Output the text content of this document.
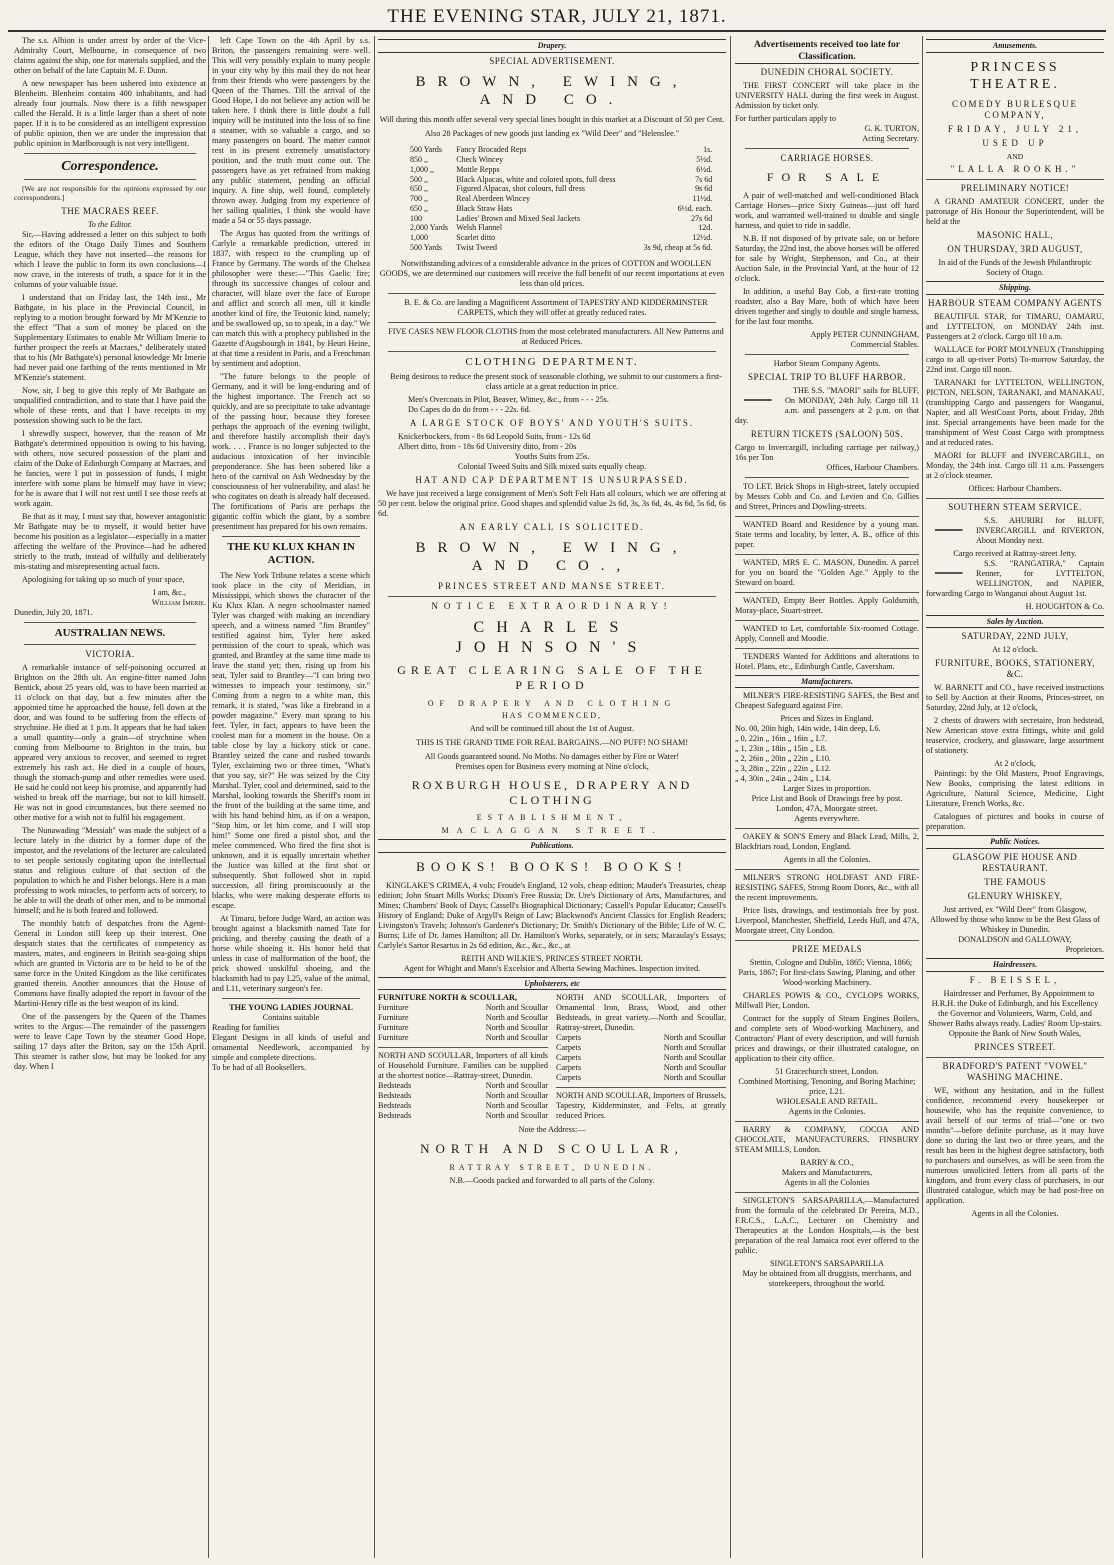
THE EVENING STAR, JULY 21, 1871.

The s.s. Albion is under arrest by order of the Vice-Admiralty Court, Melbourne, in consequence of two claims against the ship, one for materials supplied, and the other on behalf of the late Captain M. F. Dunn.

A new newspaper has been ushered into existence at Blenheim. Blenheim contains 400 inhabitants, and had already four journals. Now there is a fifth newspaper called the Herald. It is a little larger than a sheet of note paper. If it is to be considered as an intelligent expression of public opinion, then we are under the impression that public opinion in Marlborough is not very intelligent.

Correspondence.

[We are not responsible for the opinions expressed by our correspondents.]

THE MACRAES REEF.
To the Editor.

Sir,—Having addressed a letter on this subject to both the editors of the Otago Daily Times and Southern League, which they have not inserted—the reasons for which I leave the public to form its own conclusions—I now crave, in the interests of truth, a space for it in the columns of your valuable issue.

I understand that on Friday last, the 14th inst., Mr Bathgate, in his place in the Provincial Council, in replying to a motion brought forward by Mr M'Kenzie to the effect "That a sum of money be placed on the Supplementary Estimates to enable Mr William Imerie to further prospect the reefs at Macraes," deliberately stated that to his (Mr Bathgate's) personal knowledge Mr Imerie had never paid one farthing of the rents mentioned in Mr M'Kenzie's statement.

Now, sir, I beg to give this reply of Mr Bathgate an unqualified contradiction, and to state that I have paid the whole of these rents, and that I have receipts in my possession showing such to be the fact.

I shrewdly suspect, however, that the reason of Mr Bathgate's determined opposition is owing to his having, with others, now secured possession of the plant and claim of the Duke of Edinburgh Company at Macraes, and he fancies, were I put in possession of funds, I might interfere with some plans he himself may have in view; for he is aware that I will not rest until I see those reefs at work again.

Be that as it may, I must say that, however antagonistic Mr Bathgate may be to myself, it would better have become his position as a legislator—especially in a matter affecting the welfare of the Province—had he adhered strictly to the truth, instead of wilfully and deliberately mis-stating and misrepresenting actual facts.

Apologising for taking up so much of your space,

I am, &c.,
William Imerie.
Dunedin, July 20, 1871.
AUSTRALIAN NEWS.
VICTORIA.

A remarkable instance of self-poisoning occurred at Brighton on the 28th ult. An engine-fitter named John Bentick, about 25 years old, was to have been married at 11 o'clock on that day, but a few minutes after the appointed time he approached the house, fell down at the door, and was found to be suffering from the effects of strychnine. He died at 1 p.m. It appears that he had taken a small quantity—only a grain—of strychnine when coming from Melbourne to Brighton in the train, but appeared very anxious to recover, and seemed to regret extremely his rash act. He died in a couple of hours, though the stomach-pump and other remedies were used. He said he could not keep his promise, and apparently had wished to break off the marriage, but not to kill himself. He was not in good circumstances, but there seemed no other motive for a wish not to fulfil his engagement.

The Nunawading "Messiah" was made the subject of a lecture lately in the district by a former dupe of the impostor, and the revelations of the lecturer are calculated to set people seriously cogitating upon the intellectual status and religious culture of that section of the population to which he and Fisher belongs. Here is a man professing to work miracles, to perform acts of sorcery, to be able to will the death of other men, and to be immortal himself; and he is both feared and followed.

The monthly batch of despatches from the Agent-General in London still keep up their interest. One despatch states that the certificates of competency as masters, mates, and engineers in British sea-going ships which are granted in Victoria are to be held to be of the same force in the United Kingdom as the like certificates granted therein. Another announces that the House of Commons have finally adopted the report in favour of the Martini-Henry rifle as the best weapon of its kind.

One of the passengers by the Queen of the Thames writes to the Argus:—The remainder of the passengers were to leave Cape Town by the steamer Good Hope, sailing 17 days after the Briton, say on the 15th April. This steamer is rather slow, but may be looked for any day. When I

left Cape Town on the 4th April by s.s. Briton, the passengers remaining were well. This will very possibly explain to many people in your city why by this mail they do not hear from their friends who were passengers by the Queen of the Thames. Till the arrival of the Good Hope, I do not believe any action will be taken here. I think there is little doubt a full inquiry will be instituted into the loss of so fine a steamer, with so valuable a cargo, and so many passengers on board. The matter cannot rest in its present extremely unsatisfactory position, and the truth must come out. The passengers have as yet refrained from making any public statement, pending an official inquiry. A fine ship, well found, completely thrown away. Judging from my experience of her sailing qualities, I think she would have made a 54 or 55 days passage.

The Argus has quoted from the writings of Carlyle a remarkable prediction, uttered in 1837, with respect to the crumpling up of France by Germany. The words of the Chelsea philosopher were these:—"This Gaelic fire; through its successive changes of colour and character, will blaze over the face of Europe and afflict and scorch all men, till it kindle another kind of fire, the Teutonic kind, namely; and be swallowed up, so to speak, in a day." We can match this with a prophecy published in the Gazette d'Augsbourgh in 1841, by Heuri Heine, at that time a resident in Paris, and a Frenchman by sentiment and adoption.

"The future belongs to the people of Germany, and it will be long-enduring and of the highest importance. The French act so quickly, and are so precipitate to take advantage of the passing hour, because they foresee perhaps the approach of the evening twilight, and therefore hastily accomplish their day's work. . . . France is no longer subjected to the audacious intoxication of her invincible preponderance. She has been sobered like a hero of the carnival on Ash Wednesday by the consciousness of her vulnerability, and alas! he who cogitates on death is already half deceased. The fortifications of Paris are perhaps the gigantic coffin which the giant, by a sombre presentiment has prepared for his own remains.

THE KU KLUX KHAN IN ACTION.

The New York Tribune relates a scene which took place in the city of Meridian, in Mississippi, which shows the character of the Ku Klux Klan. A negro schoolmaster named Tyler was charged with making an incendiary speech, and a witness named "Jim Brantley" testified against him, Tyler here asked permission of the court to speak, which was granted, and Brantley at the same time made to leave the stand yet; then, rising up from his seat, Tyler said to Brantley—"I can bring two witnesses to impeach your testimony, sir." Coming from a negro to a white man, this remark, it is stated, "was like a firebrand in a powder magazine." Every man sprang to his feet. Tyler, in fact, appears to have been the coolest man for a moment in the house. On a table close by lay a hickory stick or cane. Brantley seized the cane and rushed towards Tyler, exclaiming two or three times, "What's that you say, sir?" He was seized by the City Marshal. Tyler, cool and determined, said to the Marshal, looking towards the Sheriff's room in the front of the building at the same time, and with his hand behind him, as if on a weapon, "Stop him, or let him come, and I will stop him!" Some one fired a pistol shot, and the melee commenced. Who fired the first shot is unknown, and it is equally uncertain whether the Justice was killed at the first shot or subsequently. Shot followed shot in rapid succession, all firing promiscuously at the blacks, who were making desperate efforts to escape.

At Timaru, before Judge Ward, an action was brought against a blacksmith named Tate for pricking, and thereby causing the death of a horse while shoeing it. His honor held that unless in case of malformation of the hoof, the prick showed unskilful shoeing, and the blacksmith had to pay L25, value of the animal, and L11, veterinary surgeon's fee.

THE YOUNG LADIES JOURNAL
Contains suitable
Reading for families
Elegant Designs in all kinds of useful and ornamental Needlework, accompanied by simple and complete directions.
To be had of all Booksellers.
Drapery.
SPECIAL ADVERTISEMENT.
BROWN, EWING, AND CO.
Will during this month offer several very special lines bought in this market at a Discount of 50 per Cent.
Also 28 Packages of new goods just landing ex "Wild Deer" and "Helenslee."
500 Yards	Fancy Brocaded Reps	1s.
850 ,,	Check Wincey	5½d.
1,000 ,,	Mottle Repps	6½d.
500 ,,	Black Alpacas, white and colored spots, full dress	7s 6d
650 ,,	Figured Alpacas, shot colours, full dress	9s 6d
700 ,,	Real Aberdeen Wincey	11½d.
650 ,,	Black Straw Hats	6½d. each.
100	Ladies' Brown and Mixed Seal Jackets	27s 6d
2,000 Yards	Welsh Flannel	12d.
1,000	Scarlet ditto	12½d.
500 Yards	Twist Tweed	3s 9d, cheap at 5s 6d.

Notwithstanding advices of a considerable advance in the prices of COTTON and WOOLLEN GOODS, we are determined our customers will receive the full benefit of our recent importations at even less than old prices.

B. E. & Co. are landing a Magnificent Assortment of TAPESTRY AND KIDDERMINSTER CARPETS, which they will offer at greatly reduced rates.

FIVE CASES NEW FLOOR CLOTHS from the most celebrated manufacturers. All New Patterns and at Reduced Prices.

CLOTHING DEPARTMENT.

Being desirous to reduce the present stock of seasonable clothing, we submit to our customers a first-class article at a great reduction in price.

Men's Overcoats in Pilot, Beaver, Witney, &c., from - - - 25s.
Do Capes do do do from - - - 22s. 6d.
A LARGE STOCK OF BOYS' AND YOUTH'S SUITS.
Knickerbockers, from - 8s 6d Leopold Suits, from - 12s 6d
Albert ditto, from - 18s 6d University ditto, from - 20s
Youths Suits from 25s.
Colonial Tweed Suits and Silk mixed suits equally cheap.
HAT AND CAP DEPARTMENT IS UNSURPASSED.

We have just received a large consignment of Men's Soft Felt Hats all colours, which we are offering at 50 per cent. below the original price. Good shapes and splendid value 2s 6d, 3s, 3s 6d, 4s, 4s 6d, 5s 6d, 6s 6d.

AN EARLY CALL IS SOLICITED.
BROWN, EWING, AND CO.,
PRINCES STREET AND MANSE STREET.
NOTICE EXTRAORDINARY!
CHARLES JOHNSON'S
GREAT CLEARING SALE OF THE PERIOD
OF DRAPERY AND CLOTHING
HAS COMMENCED,
And will be continued till about the 1st of August.
THIS IS THE GRAND TIME FOR REAL BARGAINS.—NO PUFF! NO SHAM!
All Goods guaranteed sound. No Moths. No damages either by Fire or Water!
Premises open for Business every morning at Nine o'clock,
ROXBURGH HOUSE, DRAPERY AND CLOTHING
ESTABLISHMENT,
MACLAGGAN STREET.
Publications.
BOOKS! BOOKS! BOOKS!

KINGLAKE'S CRIMEA, 4 vols; Froude's England, 12 vols, cheap edition; Mauder's Treasuries, cheap edition; John Stuart Mills Works; Dixon's Free Russia; Dr. Ure's Dictionary of Arts, Manufactures, and Mines; Chambers' Book of Days; Cassell's Biographical Dictionary; Cassell's Popular Educator; Cassell's History of England; Duke of Argyll's Reign of Law; Blackwood's Ancient Classics for English Readers; Livingston's Travels; Johnson's Gardener's Dictionary; Dr. Smith's Dictionary of the Bible; Life of W. C. Burns; Life of Dr. James Hamilton; all Dr. Hamilton's Works, separately, or in sets; Macaulay's Essays; Carlyle's Sartor Resartus in 2s 6d edition, &c., &c., &c., at

REITH AND WILKIE'S, PRINCES STREET NORTH.
Agent for Whight and Mann's Excelsior and Alberta Sewing Machines. Inspection invited.
Upholsterers, etc
FURNITURE NORTH & SCOULLAR,
Furniture	North and Scoullar
Furniture	North and Scoullar
Furniture	North and Scoullar
Furniture	North and Scoullar
NORTH AND SCOULLAR, Importers of all kinds of Household Furniture. Families can be supplied at the shortest notice—Rattray-street, Dunedin.
Bedsteads	North and Scoullar
Bedsteads	North and Scoullar
Bedsteads	North and Scoullar
Bedsteads	North and Scoullar
NORTH AND SCOULLAR, Importers of Ornamental Iron, Brass, Wood, and other Bedsteads, in great variety.—North and Scoullar, Rattray-street, Dunedin.
Carpets	North and Scoullar
Carpets	North and Scoullar
Carpets	North and Scoullar
Carpets	North and Scoullar
Carpets	North and Scoullar
NORTH AND SCOULLAR, Importers of Brussels, Tapestry, Kidderminster, and Felts, at greatly reduced Prices.
Note the Address:—
NORTH AND SCOULLAR,
RATTRAY STREET, DUNEDIN.
N.B.—Goods packed and forwarded to all parts of the Colony.
Advertisements received too late for Classification.
DUNEDIN CHORAL SOCIETY.

THE FIRST CONCERT will take place in the UNIVERSITY HALL during the first week in August. Admission by ticket only.

For further particulars apply to
G. K. TURTON,
Acting Secretary.
CARRIAGE HORSES.
FOR SALE

A pair of well-matched and well-conditioned Black Carriage Horses—price Sixty Guineas—just off hard work, and warranted well-trained to double and single harness, and quiet to ride in saddle.

N.B. If not disposed of by private sale, on or before Saturday, the 22nd inst, the above horses will be offered for sale by Wright, Stephenson, and Co., at their Auction Sale, in the Provincial Yard, at the hour of 12 o'clock.

In addition, a useful Bay Cob, a first-rate trotting roadster, also a Bay Mare, both of which have been driven together and singly to double and single harness, for the last four months.

Apply PETER CUNNINGHAM,
Commercial Stables.
Harbor Steam Company Agents.
SPECIAL TRIP TO BLUFF HARBOR.

THE S.S. "MAORI" sails for BLUFF, On MONDAY, 24th July. Cargo till 11 a.m. and passengers at 2 p.m. on that day.

RETURN TICKETS (SALOON) 50S.
Cargo to Invercargill, including carriage per railway,) 16s per Ton
Offices, Harbour Chambers.

TO LET. Brick Shops in High-street, lately occupied by Messrs Cobb and Co. and Levien and Co. Gillies and Street, Princes and Dowling-streets.

WANTED Board and Residence by a young man. State terms and locality, by letter, A. B., office of this paper.

WANTED, MRS E. C. MASON, Dunedin. A parcel for you on board the "Golden Age." Apply to the Steward on board.

WANTED, Empty Beer Bottles. Apply Goldsmith, Moray-place, Stuart-street.

WANTED to Let, comfortable Six-roomed Cottage. Apply, Connell and Moodie.

TENDERS Wanted for Additions and alterations to Hotel. Plans, etc., Edinburgh Castle, Caversham.

Manufacturers.

MILNER'S FIRE-RESISTING SAFES, the Best and Cheapest Safeguard against Fire.

Prices and Sizes in England.
No. 00, 20in high, 14in wide, 14in deep, L6.
„ 0, 22in „ 16in „ 16in „ L7.
„ 1, 23in „ 18in „ 15in „ L8.
„ 2, 26in „ 20in „ 22in „ L10.
„ 3, 28in „ 22in „ 22in „ L12.
„ 4, 30in „ 24in „ 24in „ L14.
Larger Sizes in proportion.
Price List and Book of Drawings free by post.
London, 47A, Moorgate street.
Agents everywhere.

OAKEY & SON'S Emery and Black Lead, Mills, 2, Blackfriars road, London, England.

Agents in all the Colonies.

MILNER'S STRONG HOLDFAST AND FIRE-RESISTING SAFES, Strong Room Doors, &c., with all the recent improvements.

Price lists, drawings, and testimonials free by post. Liverpool, Manchester, Sheffield, Leeds Hull, and 47A, Moorgate street, City London.

PRIZE MEDALS

Stettin, Cologne and Dublin, 1865; Vienna, 1866; Paris, 1867; For first-class Sawing, Planing, and other Wood-working Machinery.

CHARLES POWIS & CO., CYCLOPS WORKS, Millwall Pier, London.

Contract for the supply of Steam Engines Boilers, and complete sets of Wood-working Machinery, and Contractors' Plant of every description, and will furnish prices and drawings, or their illustrated catalogue, on application to their city office.

51 Gracechurch street, London.
Combined Mortising, Tenoning, and Boring Machine; price, L21.
WHOLESALE AND RETAIL.
Agents in the Colonies.

BARRY & COMPANY, COCOA AND CHOCOLATE, MANUFACTURERS, FINSBURY STEAM MILLS, London.

BARRY & CO.,
Makers and Manufacturers,
Agents in all the Colonies

SINGLETON'S SARSAPARILLA,—Manufactured from the formula of the celebrated Dr Pereira, M.D., F.R.C.S., L.A.C., Lecturer on Chemistry and Therapeutics at the London Hospitals,—is the best preparation of the real Jamaica root ever offered to the public.

SINGLETON'S SARSAPARILLA
May be obtained from all druggists, merchants, and storekeepers, throughout the world.
Amusements.
PRINCESS THEATRE.
COMEDY BURLESQUE COMPANY,
FRIDAY, JULY 21,
USED UP
AND
"LALLA ROOKH."
PRELIMINARY NOTICE!

A GRAND AMATEUR CONCERT, under the patronage of His Honour the Superintendent, will be held at the

MASONIC HALL,
ON THURSDAY, 3RD AUGUST,
In aid of the Funds of the Jewish Philanthropic Society of Otago.
Shipping.
HARBOUR STEAM COMPANY AGENTS

BEAUTIFUL STAR, for TIMARU, OAMARU, and LYTTELTON, on MONDAY 24th inst. Passengers at 2 o'clock. Cargo till 10 a.m.

WALLACE for PORT MOLYNEUX (Transhipping cargo to all up-river Ports) To-morrow Saturday, the 22nd inst. Cargo till noon.

TARANAKI for LYTTELTON, WELLINGTON, PICTON, NELSON, TARANAKI, and MANAKAU, (transhipping Cargo and passengers for Wanganui, Napier, and all WestCoast Ports, about Friday, 28th inst. Special arrangements have been made for the transhipment of West Coast Cargo with promptness and at reduced rates.

MAORI for BLUFF and INVERCARGILL, on Monday, the 24th inst. Cargo till 11 a.m. Passengers at 2 o'clock steamer.

Offices: Harbour Chambers.
SOUTHERN STEAM SERVICE.

S.S. AHURIRI for BLUFF, INVERCARGILL and RIVERTON, About Monday next.

Cargo received at Rattray-street Jetty.

S.S. "RANGATIRA," Captain Renner, for LYTTELTON, WELLINGTON, and NAPIER, forwarding Cargo to Wanganui about August 1st.

H. HOUGHTON & Co.
Sales by Auction.
SATURDAY, 22ND JULY,
At 12 o'clock.
FURNITURE, BOOKS, STATIONERY, &C.

W. BARNETT and CO., have received instructions to Sell by Auction at their Rooms, Princes-street, on Saturday, 22nd July, at 12 o'clock,

2 chests of drawers with secretaire, Iron bedstead, New American stove extra fittings, white and gold teaservice, crockery, and glassware, large assortment of stationery.

At 2 o'clock,

Paintings: by the Old Masters, Proof Engravings, New Books, comprising the latest editions in Agriculture, Natural Science, Medicine, Light Literature, French Works, &c.

Catalogues of pictures and books in course of preparation.

Public Notices.
GLASGOW PIE HOUSE AND RESTAURANT.
THE FAMOUS
GLENURY WHISKEY,
Just arrived, ex "Wild Deer" from Glasgow,
Allowed by those who know to be the Best Glass of Whiskey in Dunedin.
DONALDSON and GALLOWAY,
Proprietors.
Hairdressers.
F. BEISSEL,

Hairdresser and Perfumer, By Appointment to H.R.H. the Duke of Edinburgh, and his Excellency the Governor and Volunteers, Warm, Cold, and Shower Baths always ready. Ladies' Room Up-stairs. Opposite the Bank of New South Wales,

PRINCES STREET.
BRADFORD'S PATENT "VOWEL" WASHING MACHINE.

WE, without any hesitation, and in the fullest confidence, recommend every housekeeper or housewife, who has the requisite convenience, to avail herself of our terms of trial—"one or two months"—before definite purchase, as it may have done so during the last two or three years, and the result has been in the highest degree satisfactory, both to purchasers and ourselves, as will be seen from the numerous unsolicited letters from all parts of the kingdom, and from every class of purchasers, in our illustrated catalogue, which may be had post-free on application.

Agents in all the Colonies.
